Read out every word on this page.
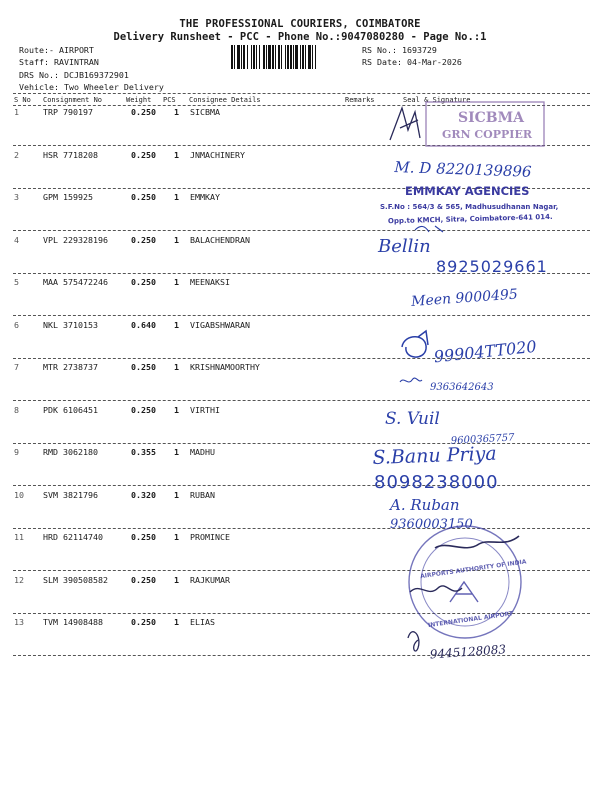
THE PROFESSIONAL COURIERS, COIMBATORE
Delivery Runsheet - PCC - Phone No.:9047080280 - Page No.:1
Route:- AIRPORT
Staff: RAVINTRAN
DRS No.: DCJB169372901
Vehicle: Two Wheeler Delivery
RS No.: 1693729
RS Date: 04-Mar-2026
S No Consignment No	Weight PCS Consignee Details	Remarks	Seal & Signature
1	TRP 790197	0.250 1 SICBMA
2	HSR 7718208	0.250 1 JNMACHINERY
3	GPM 159925	0.250 1 EMMKAY
4	VPL 229328196	0.250 1 BALACHENDRAN
5	MAA 575472246	0.250 1 MEENAKSI
6	NKL 3710153	0.640 1 VIGABSHWARAN
7	MTR 2738737	0.250 1 KRISHNAMOORTHY
8	PDK 6106451	0.250 1 VIRTHI
9	RMD 3062180	0.355 1 MADHU
10 SVM 3821796	0.320 1 RUBAN
11 HRD 62114740	0.250 1 PROMINCE
12 SLM 390508582	0.250 1 RAJKUMAR
13 TVM 14908488	0.250 1 ELIAS
SICBMA
GRN COPPIER
M. D 8220139896
EMMKAY AGENCIES
S.F.No : 564/3 & 565, Madhusudhanan Nagar,
Opp.to KMCH, Sitra, Coimbatore-641 014.
Bellin
8925029661
Meen 9000495
99904TT020
9363642643
S. Vuil
9600365757
S.Banu Priya
8098238000
A. Ruban
9360003150
AIRPORTS AUTHORITY OF INDIA
INTERNATIONAL AIRPORT
9445128083
